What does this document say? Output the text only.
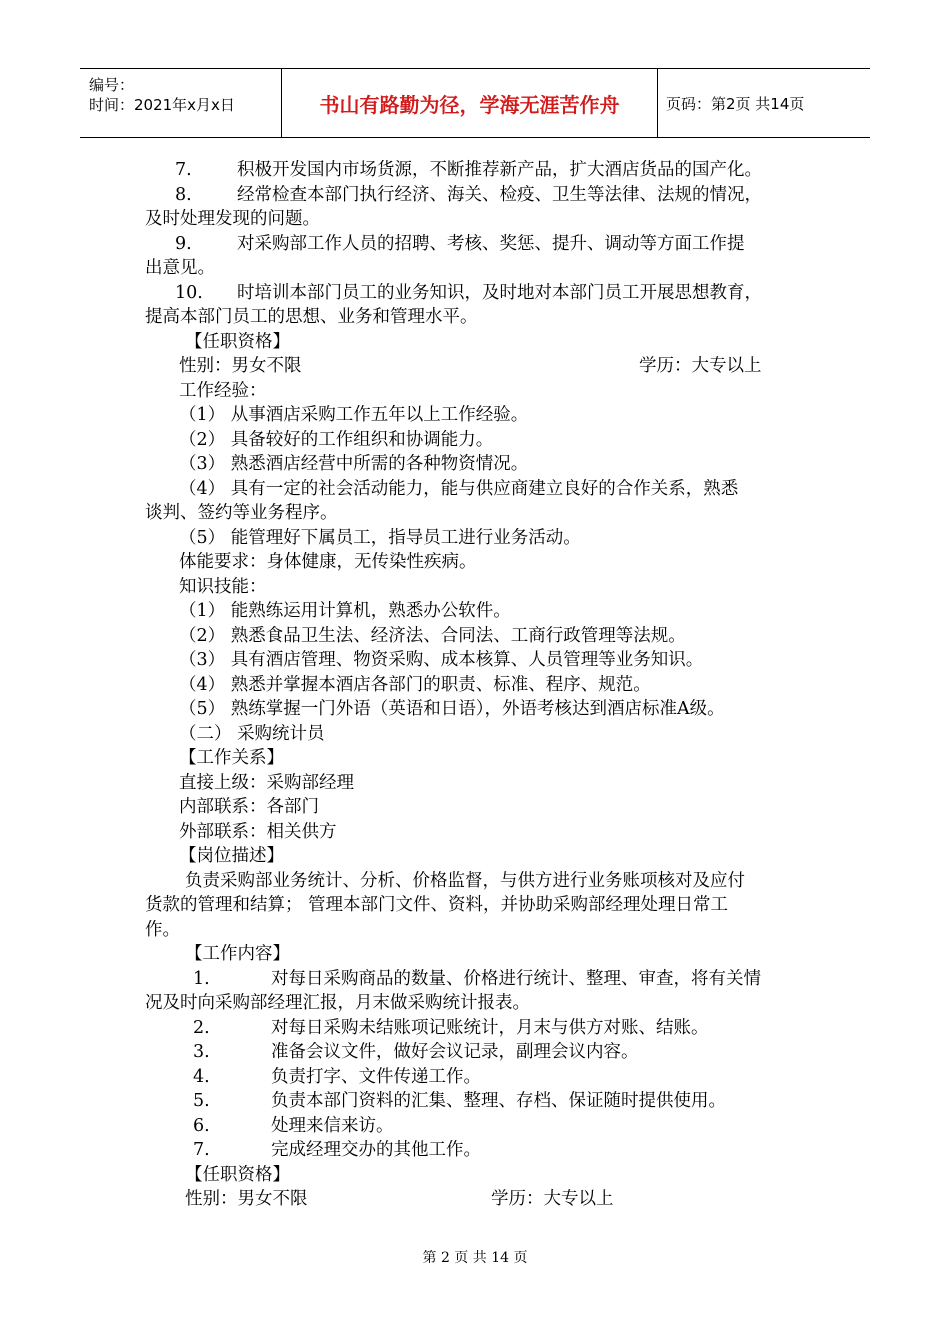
编号：
时间：2021年x月x日	书山有路勤为径，学海无涯苦作舟	页码：第2页 共14页
7.	积极开发国内市场货源，不断推荐新产品，扩大酒店货品的国产化。
8.	经常检查本部门执行经济、海关、检疫、卫生等法律、法规的情况，
及时处理发现的问题。
9.	对采购部工作人员的招聘、考核、奖惩、提升、调动等方面工作提
出意见。
10. 时培训本部门员工的业务知识，及时地对本部门员工开展思想教育，
提高本部门员工的思想、业务和管理水平。
【任职资格】
性别：男女不限	学历：大专以上
工作经验：
（1） 从事酒店采购工作五年以上工作经验。
（2） 具备较好的工作组织和协调能力。
（3） 熟悉酒店经营中所需的各种物资情况。
（4） 具有一定的社会活动能力，能与供应商建立良好的合作关系，熟悉
谈判、签约等业务程序。
（5） 能管理好下属员工，指导员工进行业务活动。
体能要求：身体健康，无传染性疾病。
知识技能：
（1） 能熟练运用计算机，熟悉办公软件。
（2） 熟悉食品卫生法、经济法、合同法、工商行政管理等法规。
（3） 具有酒店管理、物资采购、成本核算、人员管理等业务知识。
（4） 熟悉并掌握本酒店各部门的职责、标准、程序、规范。
（5） 熟练掌握一门外语（英语和日语），外语考核达到酒店标准A级。
（二） 采购统计员
【工作关系】
直接上级：采购部经理
内部联系：各部门
外部联系：相关供方
【岗位描述】
负责采购部业务统计、分析、价格监督，与供方进行业务账项核对及应付
货款的管理和结算； 管理本部门文件、资料，并协助采购部经理处理日常工
作。
【工作内容】
1.	对每日采购商品的数量、价格进行统计、整理、审查，将有关情
况及时向采购部经理汇报，月末做采购统计报表。
2.	对每日采购未结账项记账统计，月末与供方对账、结账。
3.	准备会议文件，做好会议记录，副理会议内容。
4.	负责打字、文件传递工作。
5.	负责本部门资料的汇集、整理、存档、保证随时提供使用。
6.	处理来信来访。
7.	完成经理交办的其他工作。
【任职资格】
性别：男女不限	学历：大专以上
第 2 页 共 14 页
